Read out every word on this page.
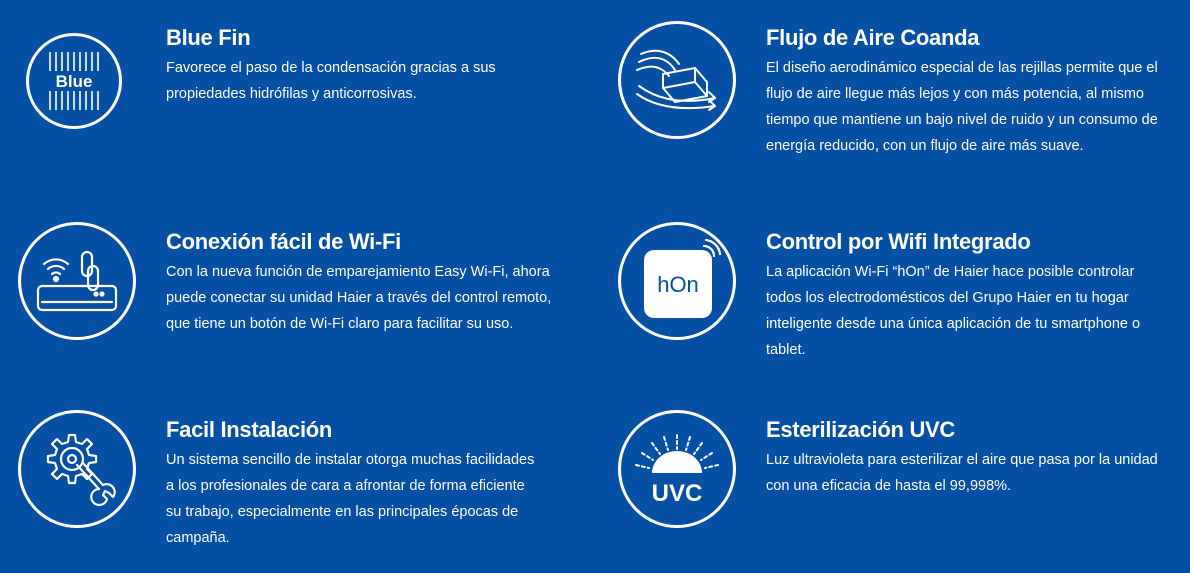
Blue
Blue Fin

Favorece el paso de la condensación gracias a sus propiedades hidrófilas y anticorrosivas.

Flujo de Aire Coanda

El diseño aerodinámico especial de las rejillas permite que el flujo de aire llegue más lejos y con más potencia, al mismo tiempo que mantiene un bajo nivel de ruido y un consumo de energía reducido, con un flujo de aire más suave.

Conexión fácil de Wi-Fi

Con la nueva función de emparejamiento Easy Wi-Fi, ahora puede conectar su unidad Haier a través del control remoto, que tiene un botón de Wi-Fi claro para facilitar su uso.

hOn
Control por Wifi Integrado

La aplicación Wi-Fi “hOn” de Haier hace posible controlar todos los electrodomésticos del Grupo Haier en tu hogar inteligente desde una única aplicación de tu smartphone o tablet.

Facil Instalación

Un sistema sencillo de instalar otorga muchas facilidades a los profesionales de cara a afrontar de forma eficiente su trabajo, especialmente en las principales épocas de campaña.

UVC
Esterilización UVC

Luz ultravioleta para esterilizar el aire que pasa por la unidad con una eficacia de hasta el 99,998%.
